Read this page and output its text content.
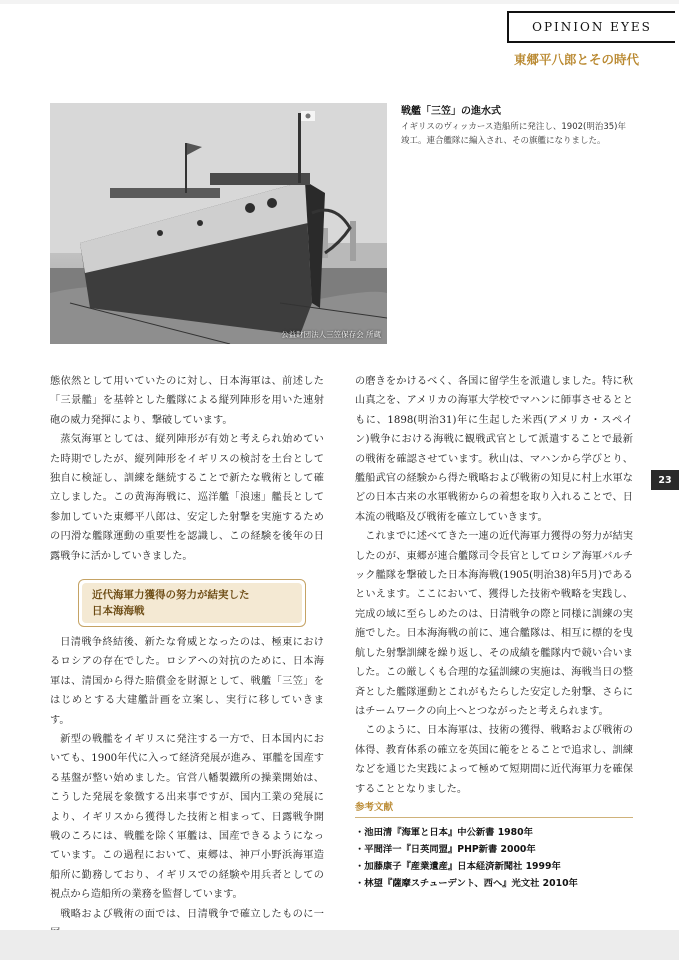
OPINION EYES
東郷平八郎とその時代
公益財団法人三笠保存会 所蔵
戦艦「三笠」の進水式
イギリスのヴィッカース造船所に発注し、1902(明治35)年竣工。連合艦隊に編入され、その旗艦になりました。

態依然として用いていたのに対し、日本海軍は、前述した「三景艦」を基幹とした艦隊による縦列陣形を用いた連射砲の威力発揮により、撃破しています。

蒸気海軍としては、縦列陣形が有効と考えられ始めていた時期でしたが、縦列陣形をイギリスの検討を土台として独自に検証し、訓練を継続することで新たな戦術として確立しました。この黄海海戦に、巡洋艦「浪速」艦長として参加していた東郷平八郎は、安定した射撃を実施するための円滑な艦隊運動の重要性を認識し、この経験を後年の日露戦争に活かしていきました。

近代海軍力獲得の努力が結実した
日本海海戦

日清戦争終結後、新たな脅威となったのは、極東におけるロシアの存在でした。ロシアへの対抗のために、日本海軍は、清国から得た賠償金を財源として、戦艦「三笠」をはじめとする大建艦計画を立案し、実行に移していきます。

新型の戦艦をイギリスに発注する一方で、日本国内においても、1900年代に入って経済発展が進み、軍艦を国産する基盤が整い始めました。官営八幡製鐵所の操業開始は、こうした発展を象徴する出来事ですが、国内工業の発展により、イギリスから獲得した技術と相まって、日露戦争開戦のころには、戦艦を除く軍艦は、国産できるようになっています。この過程において、東郷は、神戸小野浜海軍造船所に勤務しており、イギリスでの経験や用兵者としての視点から造船所の業務を監督しています。

戦略および戦術の面では、日清戦争で確立したものに一

の磨きをかけるべく、各国に留学生を派遣しました。特に秋山真之を、アメリカの海軍大学校でマハンに師事させるとともに、1898(明治31)年に生起した米西(アメリカ・スペイン)戦争における海戦に観戦武官として派遣することで最新の戦術を確認させています。秋山は、マハンから学びとり、艦船武官の経験から得た戦略および戦術の知見に村上水軍などの日本古来の水軍戦術からの着想を取り入れることで、日本流の戦略及び戦術を確立していきます。

これまでに述べてきた一連の近代海軍力獲得の努力が結実したのが、東郷が連合艦隊司令長官としてロシア海軍バルチック艦隊を撃破した日本海海戦(1905(明治38)年5月)であるといえます。ここにおいて、獲得した技術や戦略を実践し、完成の域に至らしめたのは、日清戦争の際と同様に訓練の実施でした。日本海海戦の前に、連合艦隊は、相互に標的を曳航した射撃訓練を繰り返し、その成績を艦隊内で競い合いました。この厳しくも合理的な猛訓練の実施は、海戦当日の整斉とした艦隊運動とこれがもたらした安定した射撃、さらにはチームワークの向上へとつながったと考えられます。

このように、日本海軍は、技術の獲得、戦略および戦術の体得、教育体系の確立を英国に範をとることで追求し、訓練などを通じた実践によって極めて短期間に近代海軍力を確保することとなりました。

参考文献
・池田清『海軍と日本』中公新書 1980年
・平間洋一『日英同盟』PHP新書 2000年
・加藤康子『産業遺産』日本経済新聞社 1999年
・林望『薩摩スチューデント、西へ』光文社 2010年
23
